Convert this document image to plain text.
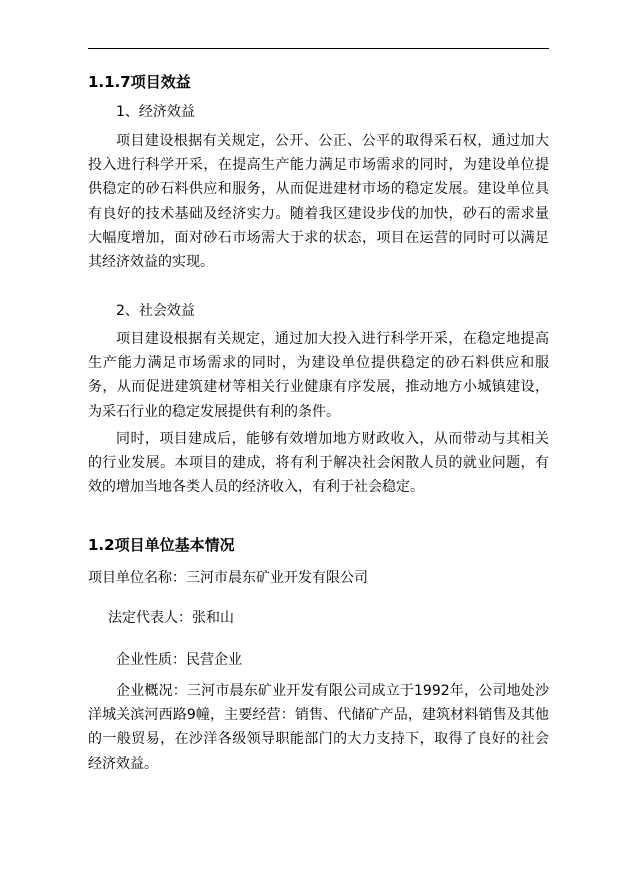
1.1.7项目效益
1、经济效益

项目建设根据有关规定，公开、公正、公平的取得采石权，通过加大投入进行科学开采，在提高生产能力满足市场需求的同时，为建设单位提供稳定的砂石料供应和服务，从而促进建材市场的稳定发展。建设单位具有良好的技术基础及经济实力。随着我区建设步伐的加快，砂石的需求量大幅度增加，面对砂石市场需大于求的状态，项目在运营的同时可以满足其经济效益的实现。

2、社会效益

项目建设根据有关规定，通过加大投入进行科学开采，在稳定地提高生产能力满足市场需求的同时，为建设单位提供稳定的砂石料供应和服务，从而促进建筑建材等相关行业健康有序发展，推动地方小城镇建设，为采石行业的稳定发展提供有利的条件。

同时，项目建成后，能够有效增加地方财政收入，从而带动与其相关的行业发展。本项目的建成，将有利于解决社会闲散人员的就业问题，有效的增加当地各类人员的经济收入，有利于社会稳定。

1.2项目单位基本情况
项目单位名称：三河市晨东矿业开发有限公司
法定代表人：张和山
企业性质：民营企业

企业概况：三河市晨东矿业开发有限公司成立于1992年，公司地处沙洋城关滨河西路9幢，主要经营：销售、代储矿产品，建筑材料销售及其他的一般贸易，在沙洋各级领导职能部门的大力支持下，取得了良好的社会经济效益。
